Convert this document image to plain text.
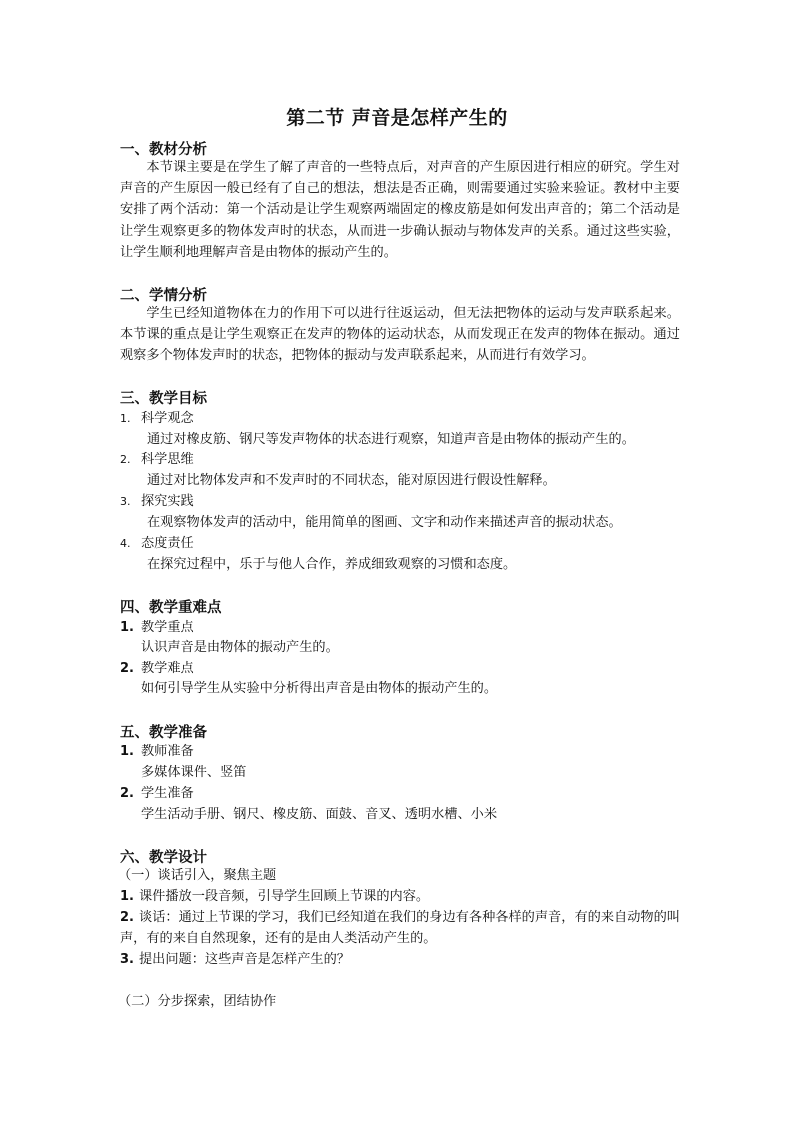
第二节 声音是怎样产生的
一、教材分析
本节课主要是在学生了解了声音的一些特点后，对声音的产生原因进行相应的研究。学生对声音的产生原因一般已经有了自己的想法，想法是否正确，则需要通过实验来验证。教材中主要安排了两个活动：第一个活动是让学生观察两端固定的橡皮筋是如何发出声音的；第二个活动是让学生观察更多的物体发声时的状态，从而进一步确认振动与物体发声的关系。通过这些实验，让学生顺利地理解声音是由物体的振动产生的。
二、学情分析
学生已经知道物体在力的作用下可以进行往返运动，但无法把物体的运动与发声联系起来。本节课的重点是让学生观察正在发声的物体的运动状态，从而发现正在发声的物体在振动。通过观察多个物体发声时的状态，把物体的振动与发声联系起来，从而进行有效学习。
三、教学目标
1. 科学观念
通过对橡皮筋、钢尺等发声物体的状态进行观察，知道声音是由物体的振动产生的。
2. 科学思维
通过对比物体发声和不发声时的不同状态，能对原因进行假设性解释。
3. 探究实践
在观察物体发声的活动中，能用简单的图画、文字和动作来描述声音的振动状态。
4. 态度责任
在探究过程中，乐于与他人合作，养成细致观察的习惯和态度。
四、教学重难点
1. 教学重点
认识声音是由物体的振动产生的。
2. 教学难点
如何引导学生从实验中分析得出声音是由物体的振动产生的。
五、教学准备
1. 教师准备
多媒体课件、竖笛
2. 学生准备
学生活动手册、钢尺、橡皮筋、面鼓、音叉、透明水槽、小米
六、教学设计
（一）谈话引入，聚焦主题
1. 课件播放一段音频，引导学生回顾上节课的内容。
2. 谈话：通过上节课的学习，我们已经知道在我们的身边有各种各样的声音，有的来自动物的叫声，有的来自自然现象，还有的是由人类活动产生的。
3. 提出问题：这些声音是怎样产生的？
（二）分步探索，团结协作
